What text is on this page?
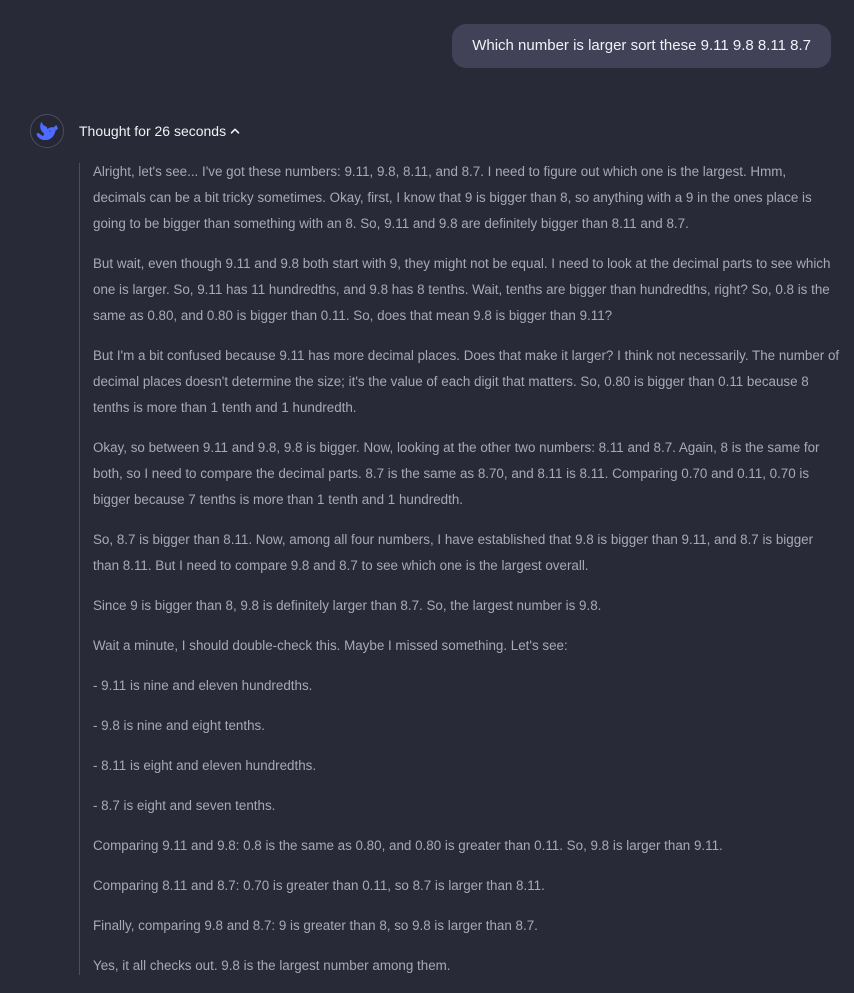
Which number is larger sort these 9.11 9.8 8.11 8.7
Thought for 26 seconds

Alright, let's see... I've got these numbers: 9.11, 9.8, 8.11, and 8.7. I need to figure out which one is the largest. Hmm, decimals can be a bit tricky sometimes. Okay, first, I know that 9 is bigger than 8, so anything with a 9 in the ones place is going to be bigger than something with an 8. So, 9.11 and 9.8 are definitely bigger than 8.11 and 8.7.

But wait, even though 9.11 and 9.8 both start with 9, they might not be equal. I need to look at the decimal parts to see which one is larger. So, 9.11 has 11 hundredths, and 9.8 has 8 tenths. Wait, tenths are bigger than hundredths, right? So, 0.8 is the same as 0.80, and 0.80 is bigger than 0.11. So, does that mean 9.8 is bigger than 9.11?

But I'm a bit confused because 9.11 has more decimal places. Does that make it larger? I think not necessarily. The number of decimal places doesn't determine the size; it's the value of each digit that matters. So, 0.80 is bigger than 0.11 because 8 tenths is more than 1 tenth and 1 hundredth.

Okay, so between 9.11 and 9.8, 9.8 is bigger. Now, looking at the other two numbers: 8.11 and 8.7. Again, 8 is the same for both, so I need to compare the decimal parts. 8.7 is the same as 8.70, and 8.11 is 8.11. Comparing 0.70 and 0.11, 0.70 is bigger because 7 tenths is more than 1 tenth and 1 hundredth.

So, 8.7 is bigger than 8.11. Now, among all four numbers, I have established that 9.8 is bigger than 9.11, and 8.7 is bigger than 8.11. But I need to compare 9.8 and 8.7 to see which one is the largest overall.

Since 9 is bigger than 8, 9.8 is definitely larger than 8.7. So, the largest number is 9.8.

Wait a minute, I should double-check this. Maybe I missed something. Let's see:

- 9.11 is nine and eleven hundredths.

- 9.8 is nine and eight tenths.

- 8.11 is eight and eleven hundredths.

- 8.7 is eight and seven tenths.

Comparing 9.11 and 9.8: 0.8 is the same as 0.80, and 0.80 is greater than 0.11. So, 9.8 is larger than 9.11.

Comparing 8.11 and 8.7: 0.70 is greater than 0.11, so 8.7 is larger than 8.11.

Finally, comparing 9.8 and 8.7: 9 is greater than 8, so 9.8 is larger than 8.7.

Yes, it all checks out. 9.8 is the largest number among them.
